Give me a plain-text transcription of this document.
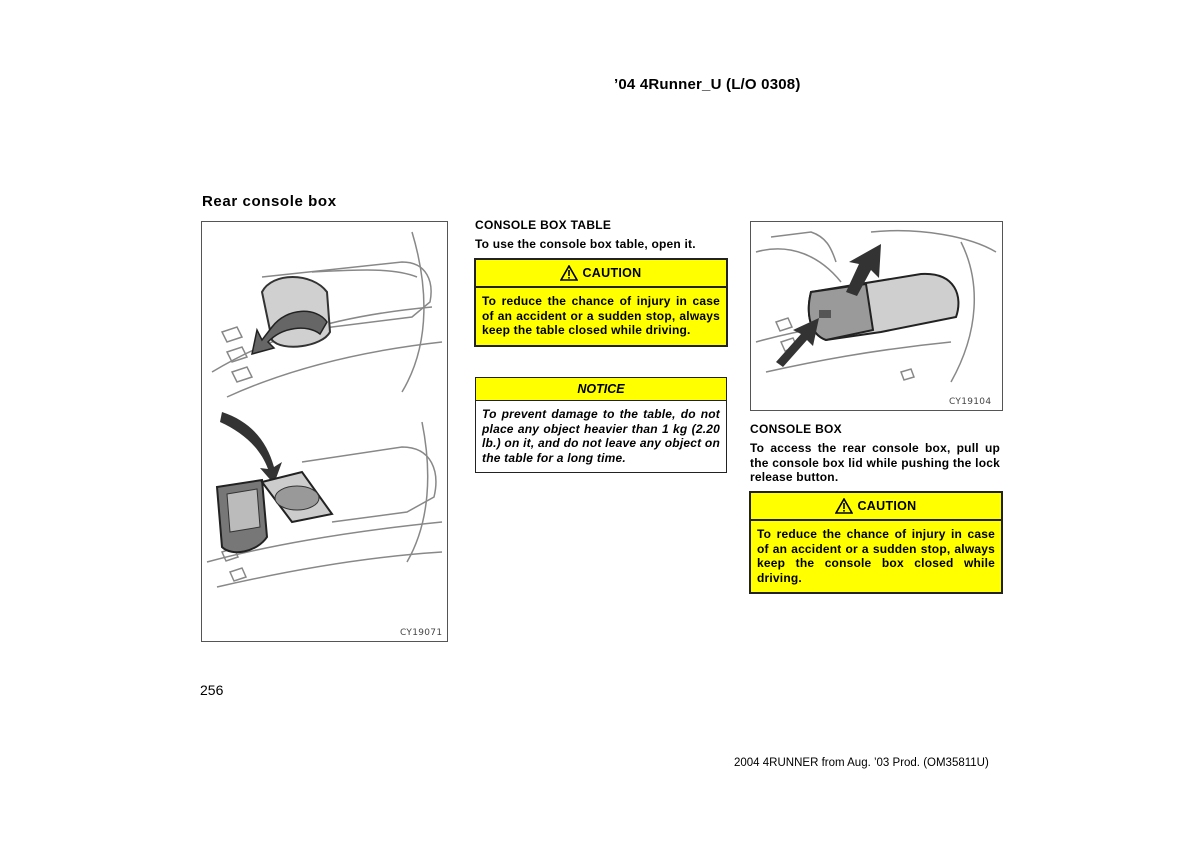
’04 4Runner_U (L/O 0308)
Rear console box
CY19071
CONSOLE BOX TABLE
To use the console box table, open it.
CAUTION
To reduce the chance of injury in case of an accident or a sudden stop, always keep the table closed while driving.
NOTICE
To prevent damage to the table, do not place any object heavier than 1 kg (2.20 lb.) on it, and do not leave any object on the table for a long time.
CY19104
CONSOLE BOX
To access the rear console box, pull up the console box lid while pushing the lock release button.
CAUTION
To reduce the chance of injury in case of an accident or a sudden stop, always keep the console box closed while driving.
256
2004 4RUNNER from Aug. ’03 Prod. (OM35811U)
